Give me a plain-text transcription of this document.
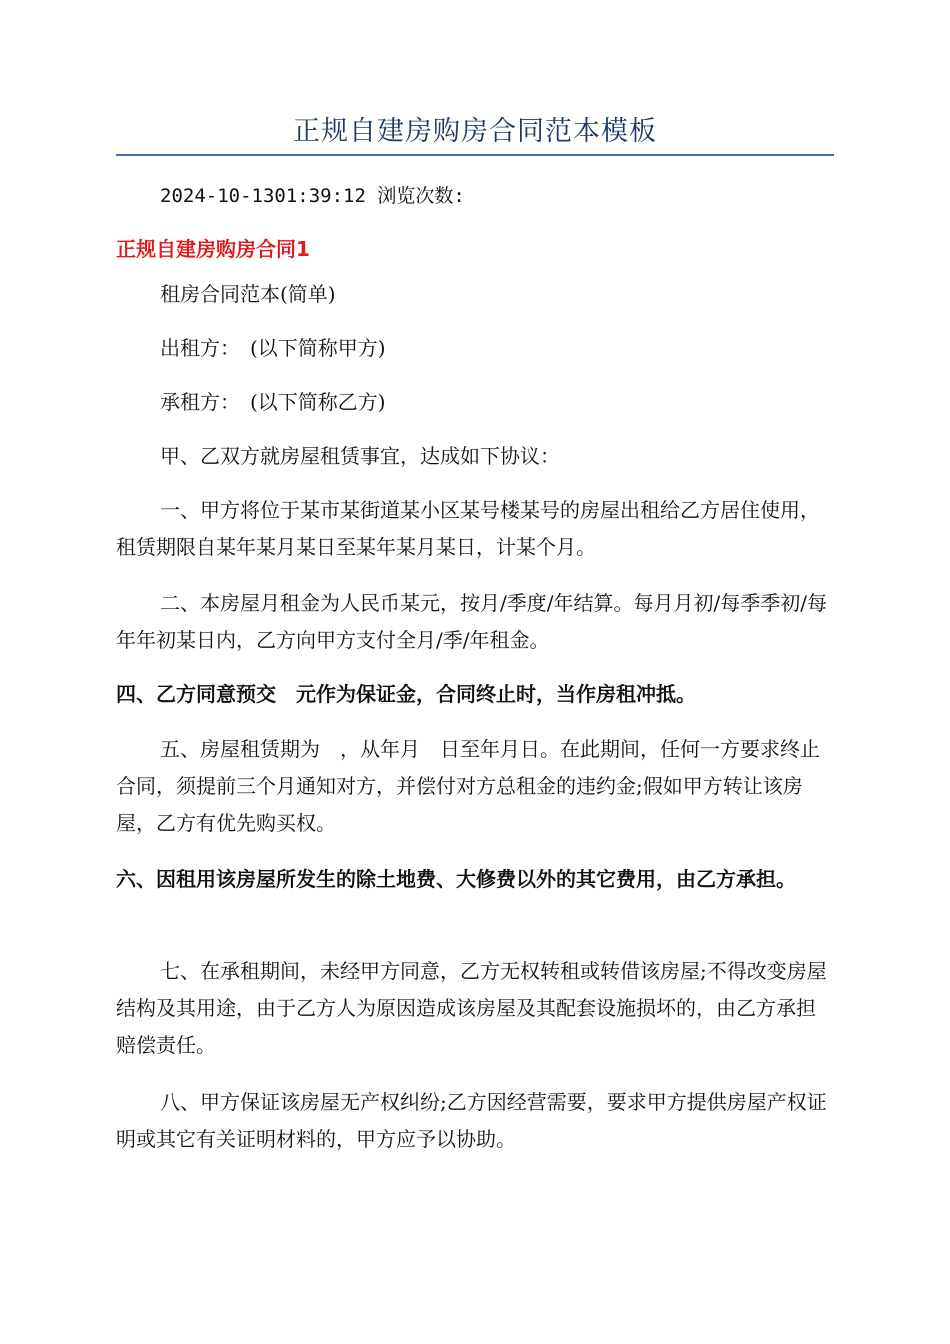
正规自建房购房合同范本模板

2024-10-1301:39:12 浏览次数:

正规自建房购房合同1

租房合同范本(简单)

出租方：　(以下简称甲方)

承租方：　(以下简称乙方)

甲、乙双方就房屋租赁事宜，达成如下协议：

一、甲方将位于某市某街道某小区某号楼某号的房屋出租给乙方居住使用，租赁期限自某年某月某日至某年某月某日，计某个月。

二、本房屋月租金为人民币某元，按月/季度/年结算。每月月初/每季季初/每年年初某日内，乙方向甲方支付全月/季/年租金。

四、乙方同意预交　元作为保证金，合同终止时，当作房租冲抵。

五、房屋租赁期为　，从年月　日至年月日。在此期间，任何一方要求终止合同，须提前三个月通知对方，并偿付对方总租金的违约金;假如甲方转让该房屋，乙方有优先购买权。

六、因租用该房屋所发生的除土地费、大修费以外的其它费用，由乙方承担。

七、在承租期间，未经甲方同意，乙方无权转租或转借该房屋;不得改变房屋结构及其用途，由于乙方人为原因造成该房屋及其配套设施损坏的，由乙方承担赔偿责任。

八、甲方保证该房屋无产权纠纷;乙方因经营需要，要求甲方提供房屋产权证明或其它有关证明材料的，甲方应予以协助。
